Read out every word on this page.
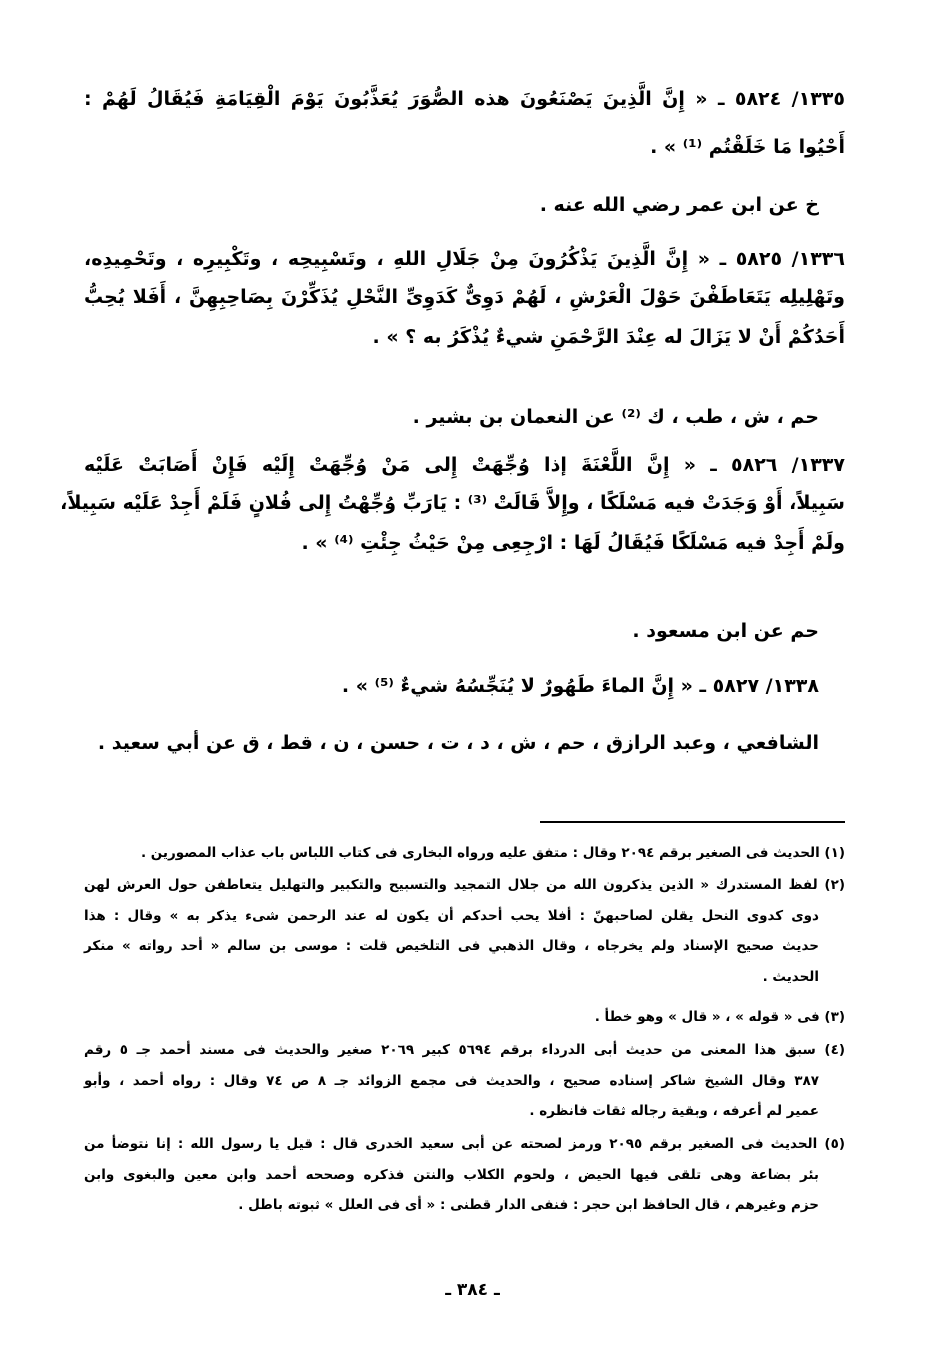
١٣٣٥/ ٥٨٢٤ ـ « إِنَّ الَّذِينَ يَصْنَعُونَ هذه الصُّوَرَ يُعَذَّبُونَ يَوْمَ الْقِيَامَةِ فَيُقَالُ لَهُمْ :
أَحْيُوا مَا خَلَقْتُم ⁽¹⁾ » .
خ عن ابن عمر رضي الله عنه .
١٣٣٦/ ٥٨٢٥ ـ « إِنَّ الَّذِينَ يَذْكُرُونَ مِنْ جَلَالِ اللهِ ، وتَسْبِيحِه ، وتَكْبِيرِه ، وتَحْمِيدِه،
وتَهْلِيلِه يَتَعَاطَفْنَ حَوْلَ الْعَرْشِ ، لَهُمْ دَوِىٌّ كَدَوِىِّ النَّحْلِ يُذَكِّرْنَ بِصَاحِبِهِنَّ ، أَفَلا يُحِبُّ
أَحَدُكُمْ أَنْ لا يَزَالَ له عِنْدَ الرَّحْمَنِ شيءٌ يُذْكَرُ به ؟ » .
حم ، ش ، طب ، ك ⁽²⁾ عن النعمان بن بشير .
١٣٣٧/ ٥٨٢٦ ـ « إِنَّ اللَّعْنَةَ إذا وُجِّهَتْ إِلى مَنْ وُجِّهَتْ إِلَيْه فَإِنْ أَصَابَتْ عَلَيْه
سَبِيلاً، أَوْ وَجَدَتْ فيه مَسْلَكًا ، وإِلاَّ قَالَتْ ⁽³⁾ : يَارَبِّ وُجِّهْتُ إِلى فُلانٍ فَلَمْ أَجِدْ عَلَيْه سَبِيلاً،
ولَمْ أَجِدْ فيه مَسْلَكًا فَيُقَالُ لَهَا : ارْجِعِى مِنْ حَيْثُ جِئْتِ ⁽⁴⁾ » .
حم عن ابن مسعود .
١٣٣٨/ ٥٨٢٧ ـ « إِنَّ الماءَ طَهُورٌ لا يُنَجِّسُهُ شيءٌ ⁽⁵⁾ » .
الشافعي ، وعبد الرازق ، حم ، ش ، د ، ت ، حسن ، ن ، قط ، ق عن أبي سعيد .
(١) الحديث فى الصغير برقم ٢٠٩٤ وقال : متفق عليه ورواه البخارى فى كتاب اللباس باب عذاب المصورين .
(٢) لفظ المستدرك « الذين يذكرون الله من جلال التمجيد والتسبيح والتكبير والتهليل يتعاطفن حول العرش لهن
دوى كدوى النحل يقلن لصاحبهنّ : أفلا يحب أحدكم أن يكون له عند الرحمن شىء يذكر به » وقال : هذا
حديث صحيح الإسناد ولم يخرجاه ، وقال الذهبي فى التلخيص قلت : موسى بن سالم « أحد رواته » منكر
الحديث .
(٣) فى « قوله » ، « قال » وهو خطأ .
(٤) سبق هذا المعنى من حديث أبى الدرداء برقم ٥٦٩٤ كبير ٢٠٦٩ صغير والحديث فى مسند أحمد جـ ٥ رقم
٣٨٧ وقال الشيخ شاكر إسناده صحيح ، والحديث فى مجمع الزوائد جـ ٨ ص ٧٤ وقال : رواه أحمد ، وأبو
عمير لم أعرفه ، وبقية رجاله ثقات فانظره .
(٥) الحديث فى الصغير برقم ٢٠٩٥ ورمز لصحته عن أبى سعيد الخدرى قال : قيل يا رسول الله : إنا نتوضأ من
بئر بضاعة وهى تلقى فيها الحيض ، ولحوم الكلاب والنتن فذكره وصححه أحمد وابن معين والبغوى وابن
حزم وغيرهم ، قال الحافظ ابن حجر : فنفى الدار قطنى : « أى فى العلل » ثبوته باطل .
ـ ٣٨٤ ـ
